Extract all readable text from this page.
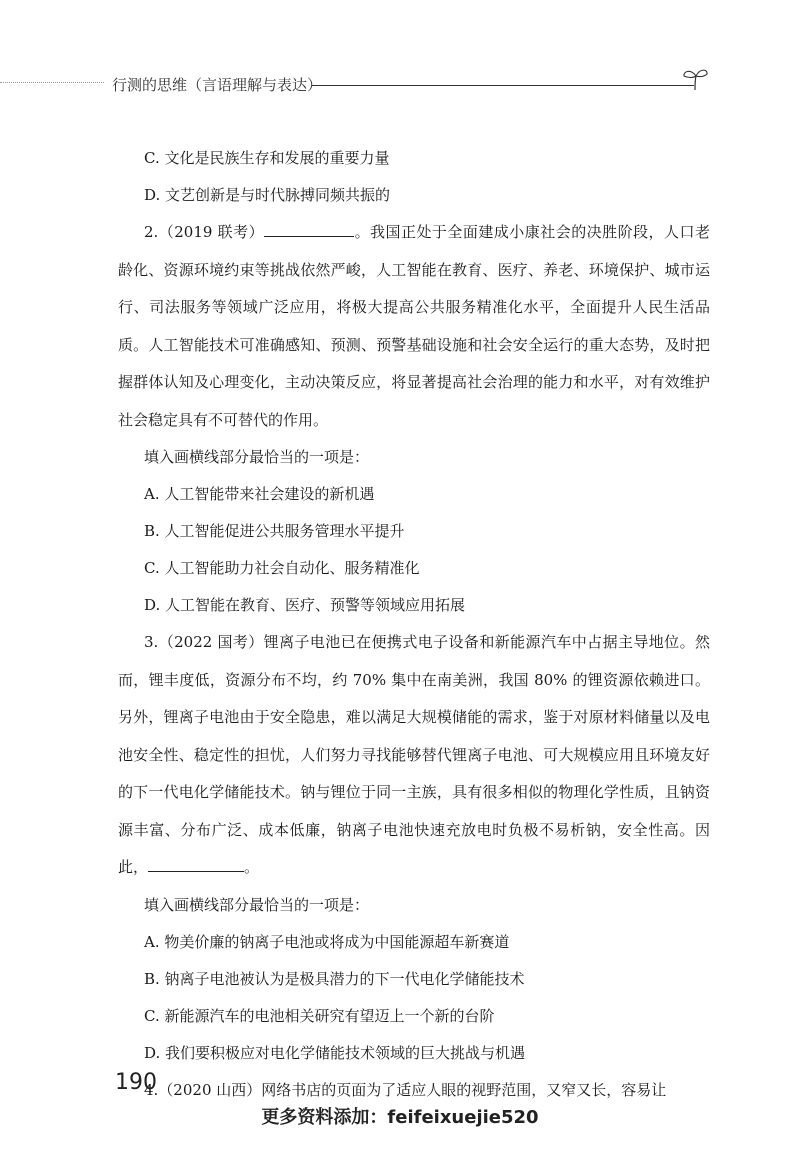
行测的思维（言语理解与表达）
C. 文化是民族生存和发展的重要力量
D. 文艺创新是与时代脉搏同频共振的
2.（2019 联考）	。我国正处于全面建成小康社会的决胜阶段，人口老龄化、资源环境约束等挑战依然严峻，人工智能在教育、医疗、养老、环境保护、城市运行、司法服务等领域广泛应用，将极大提高公共服务精准化水平，全面提升人民生活品质。人工智能技术可准确感知、预测、预警基础设施和社会安全运行的重大态势，及时把握群体认知及心理变化，主动决策反应，将显著提高社会治理的能力和水平，对有效维护社会稳定具有不可替代的作用。
填入画横线部分最恰当的一项是：
A. 人工智能带来社会建设的新机遇
B. 人工智能促进公共服务管理水平提升
C. 人工智能助力社会自动化、服务精准化
D. 人工智能在教育、医疗、预警等领域应用拓展
3.（2022 国考）锂离子电池已在便携式电子设备和新能源汽车中占据主导地位。然而，锂丰度低，资源分布不均，约 70% 集中在南美洲，我国 80% 的锂资源依赖进口。另外，锂离子电池由于安全隐患，难以满足大规模储能的需求，鉴于对原材料储量以及电池安全性、稳定性的担忧，人们努力寻找能够替代锂离子电池、可大规模应用且环境友好的下一代电化学储能技术。钠与锂位于同一主族，具有很多相似的物理化学性质，且钠资源丰富、分布广泛、成本低廉，钠离子电池快速充放电时负极不易析钠，安全性高。因此，	。
填入画横线部分最恰当的一项是：
A. 物美价廉的钠离子电池或将成为中国能源超车新赛道
B. 钠离子电池被认为是极具潜力的下一代电化学储能技术
C. 新能源汽车的电池相关研究有望迈上一个新的台阶
D. 我们要积极应对电化学储能技术领域的巨大挑战与机遇
4.（2020 山西）网络书店的页面为了适应人眼的视野范围，又窄又长，容易让
190
更多资料添加：feifeixuejie520
